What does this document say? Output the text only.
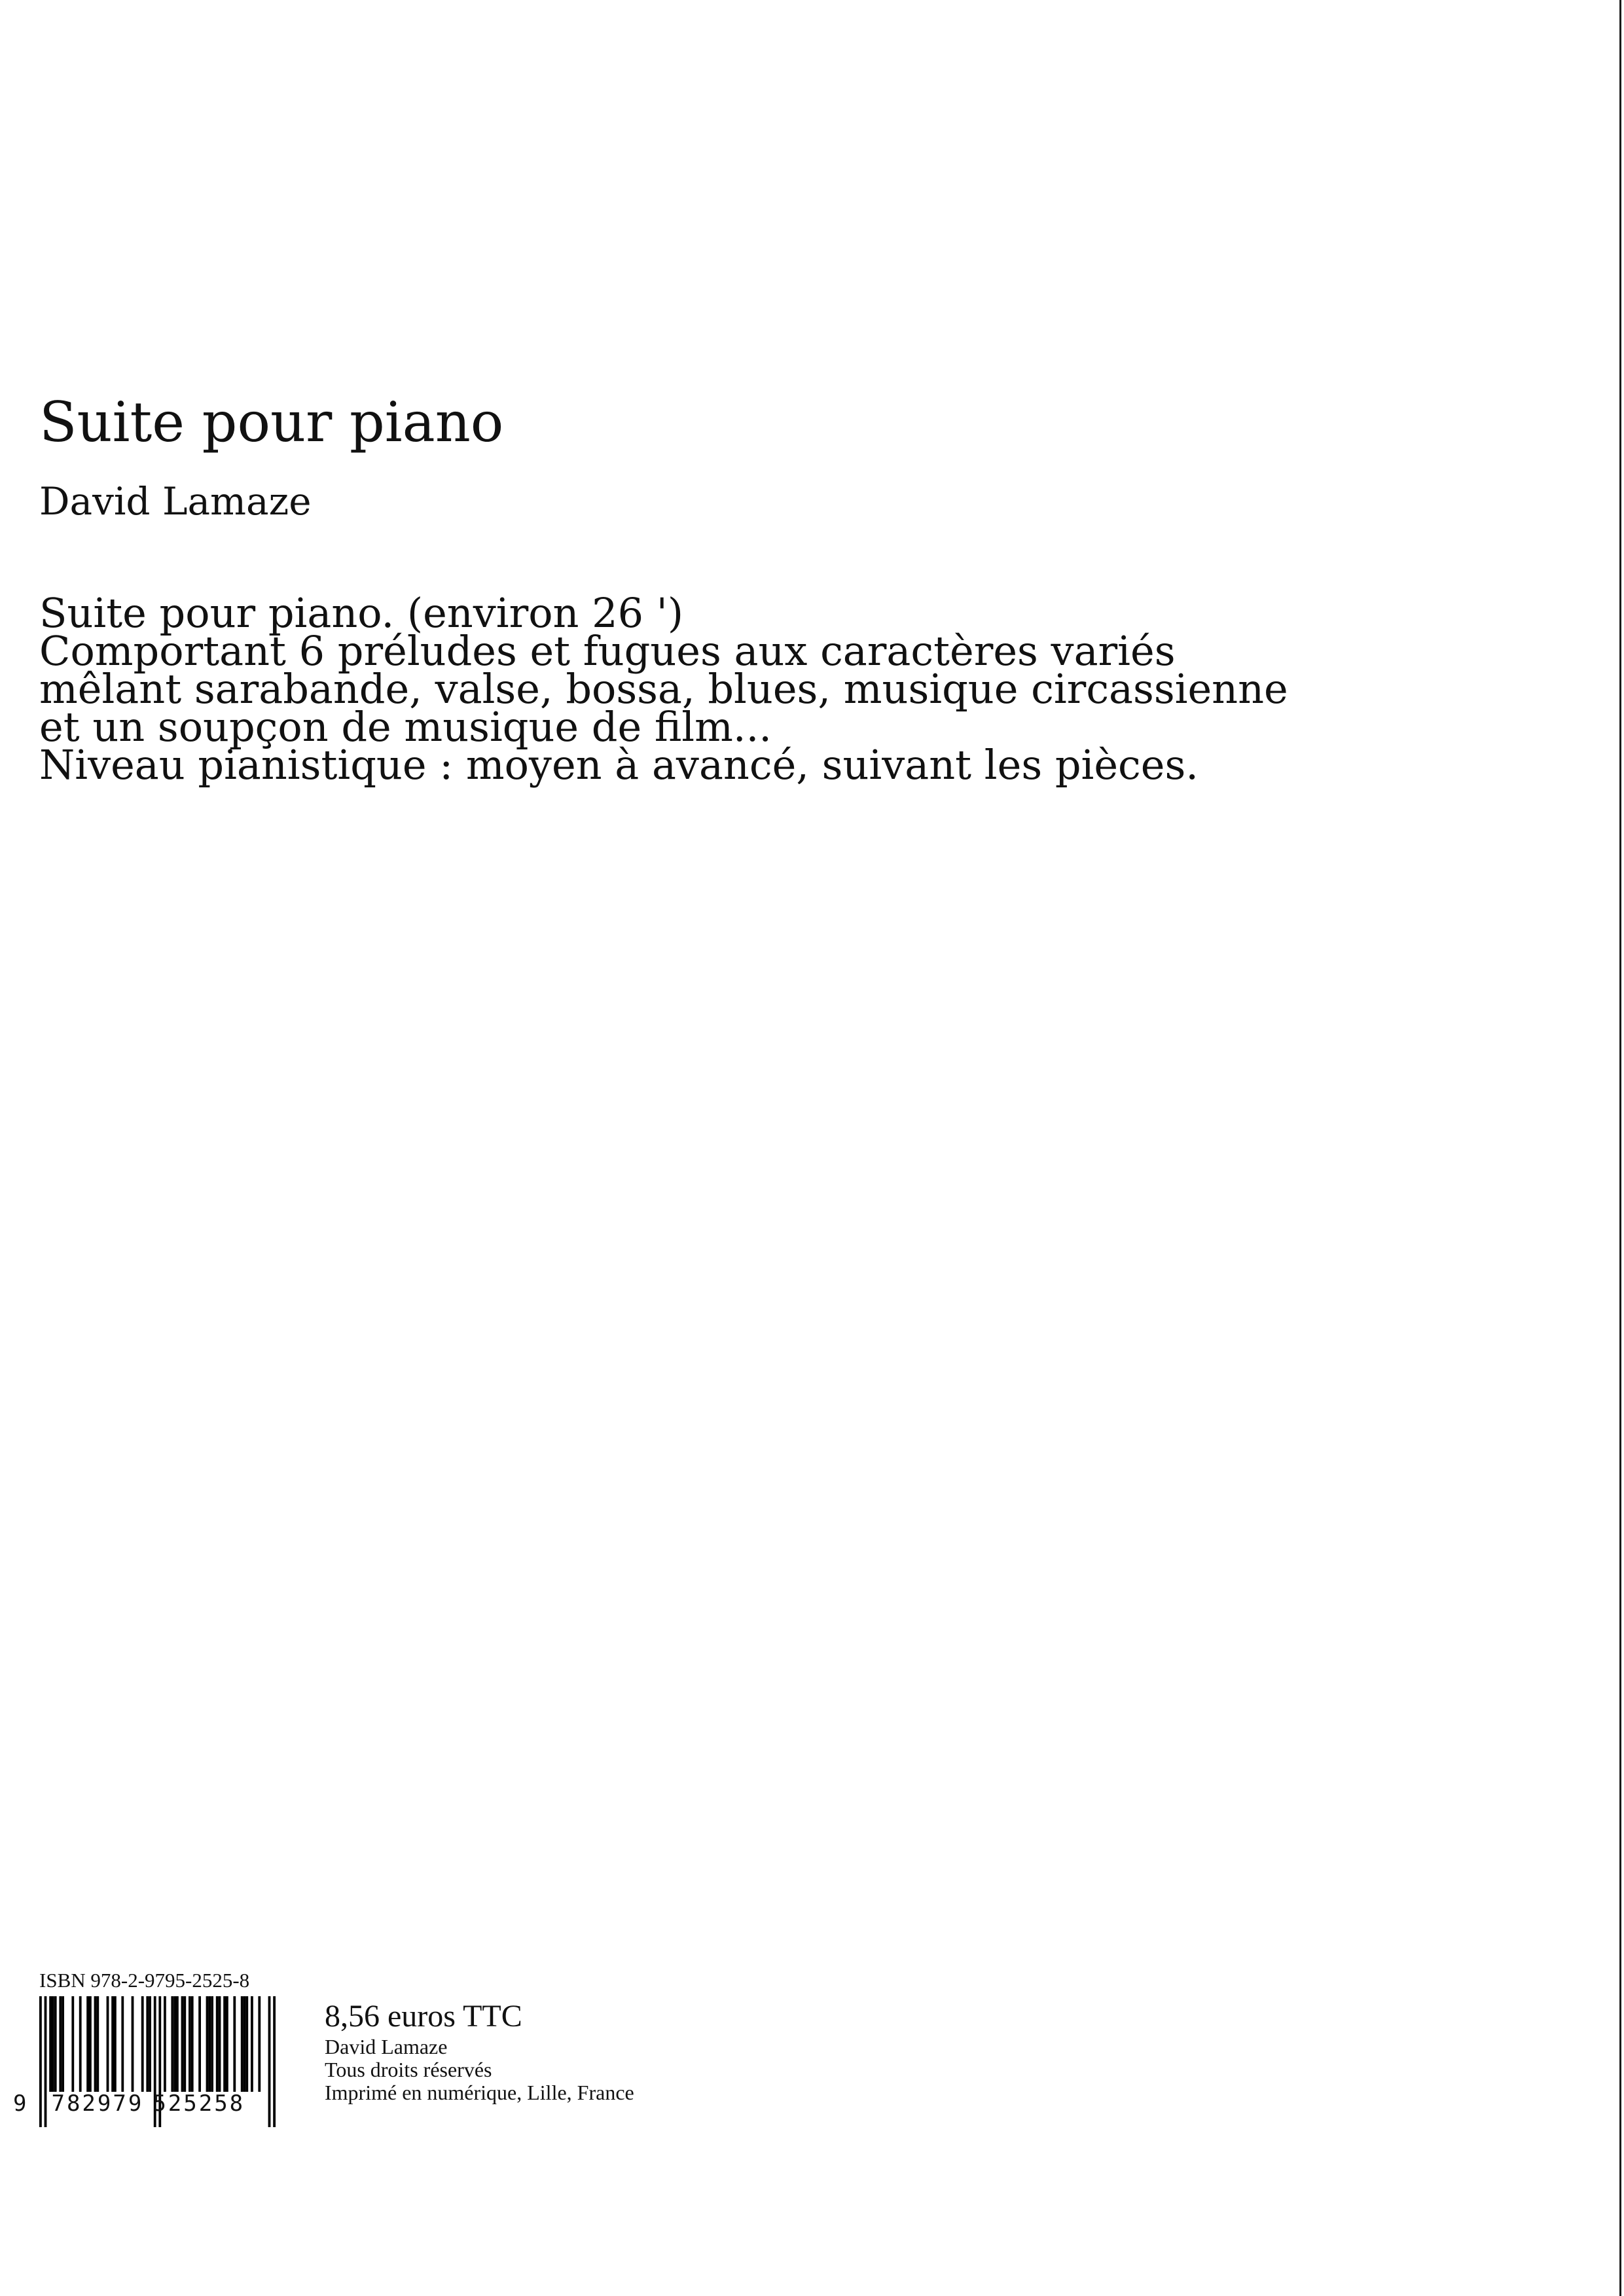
Suite pour piano
David Lamaze
Suite pour piano. (environ 26 ')
Comportant 6 préludes et fugues aux caractères variés
mêlant sarabande, valse, bossa, blues, musique circassienne
et un soupçon de musique de film...
Niveau pianistique : moyen à avancé, suivant les pièces.
ISBN 978-2-9795-2525-8
9 782979 525258
8,56 euros TTC
David Lamaze
Tous droits réservés
Imprimé en numérique, Lille, France
